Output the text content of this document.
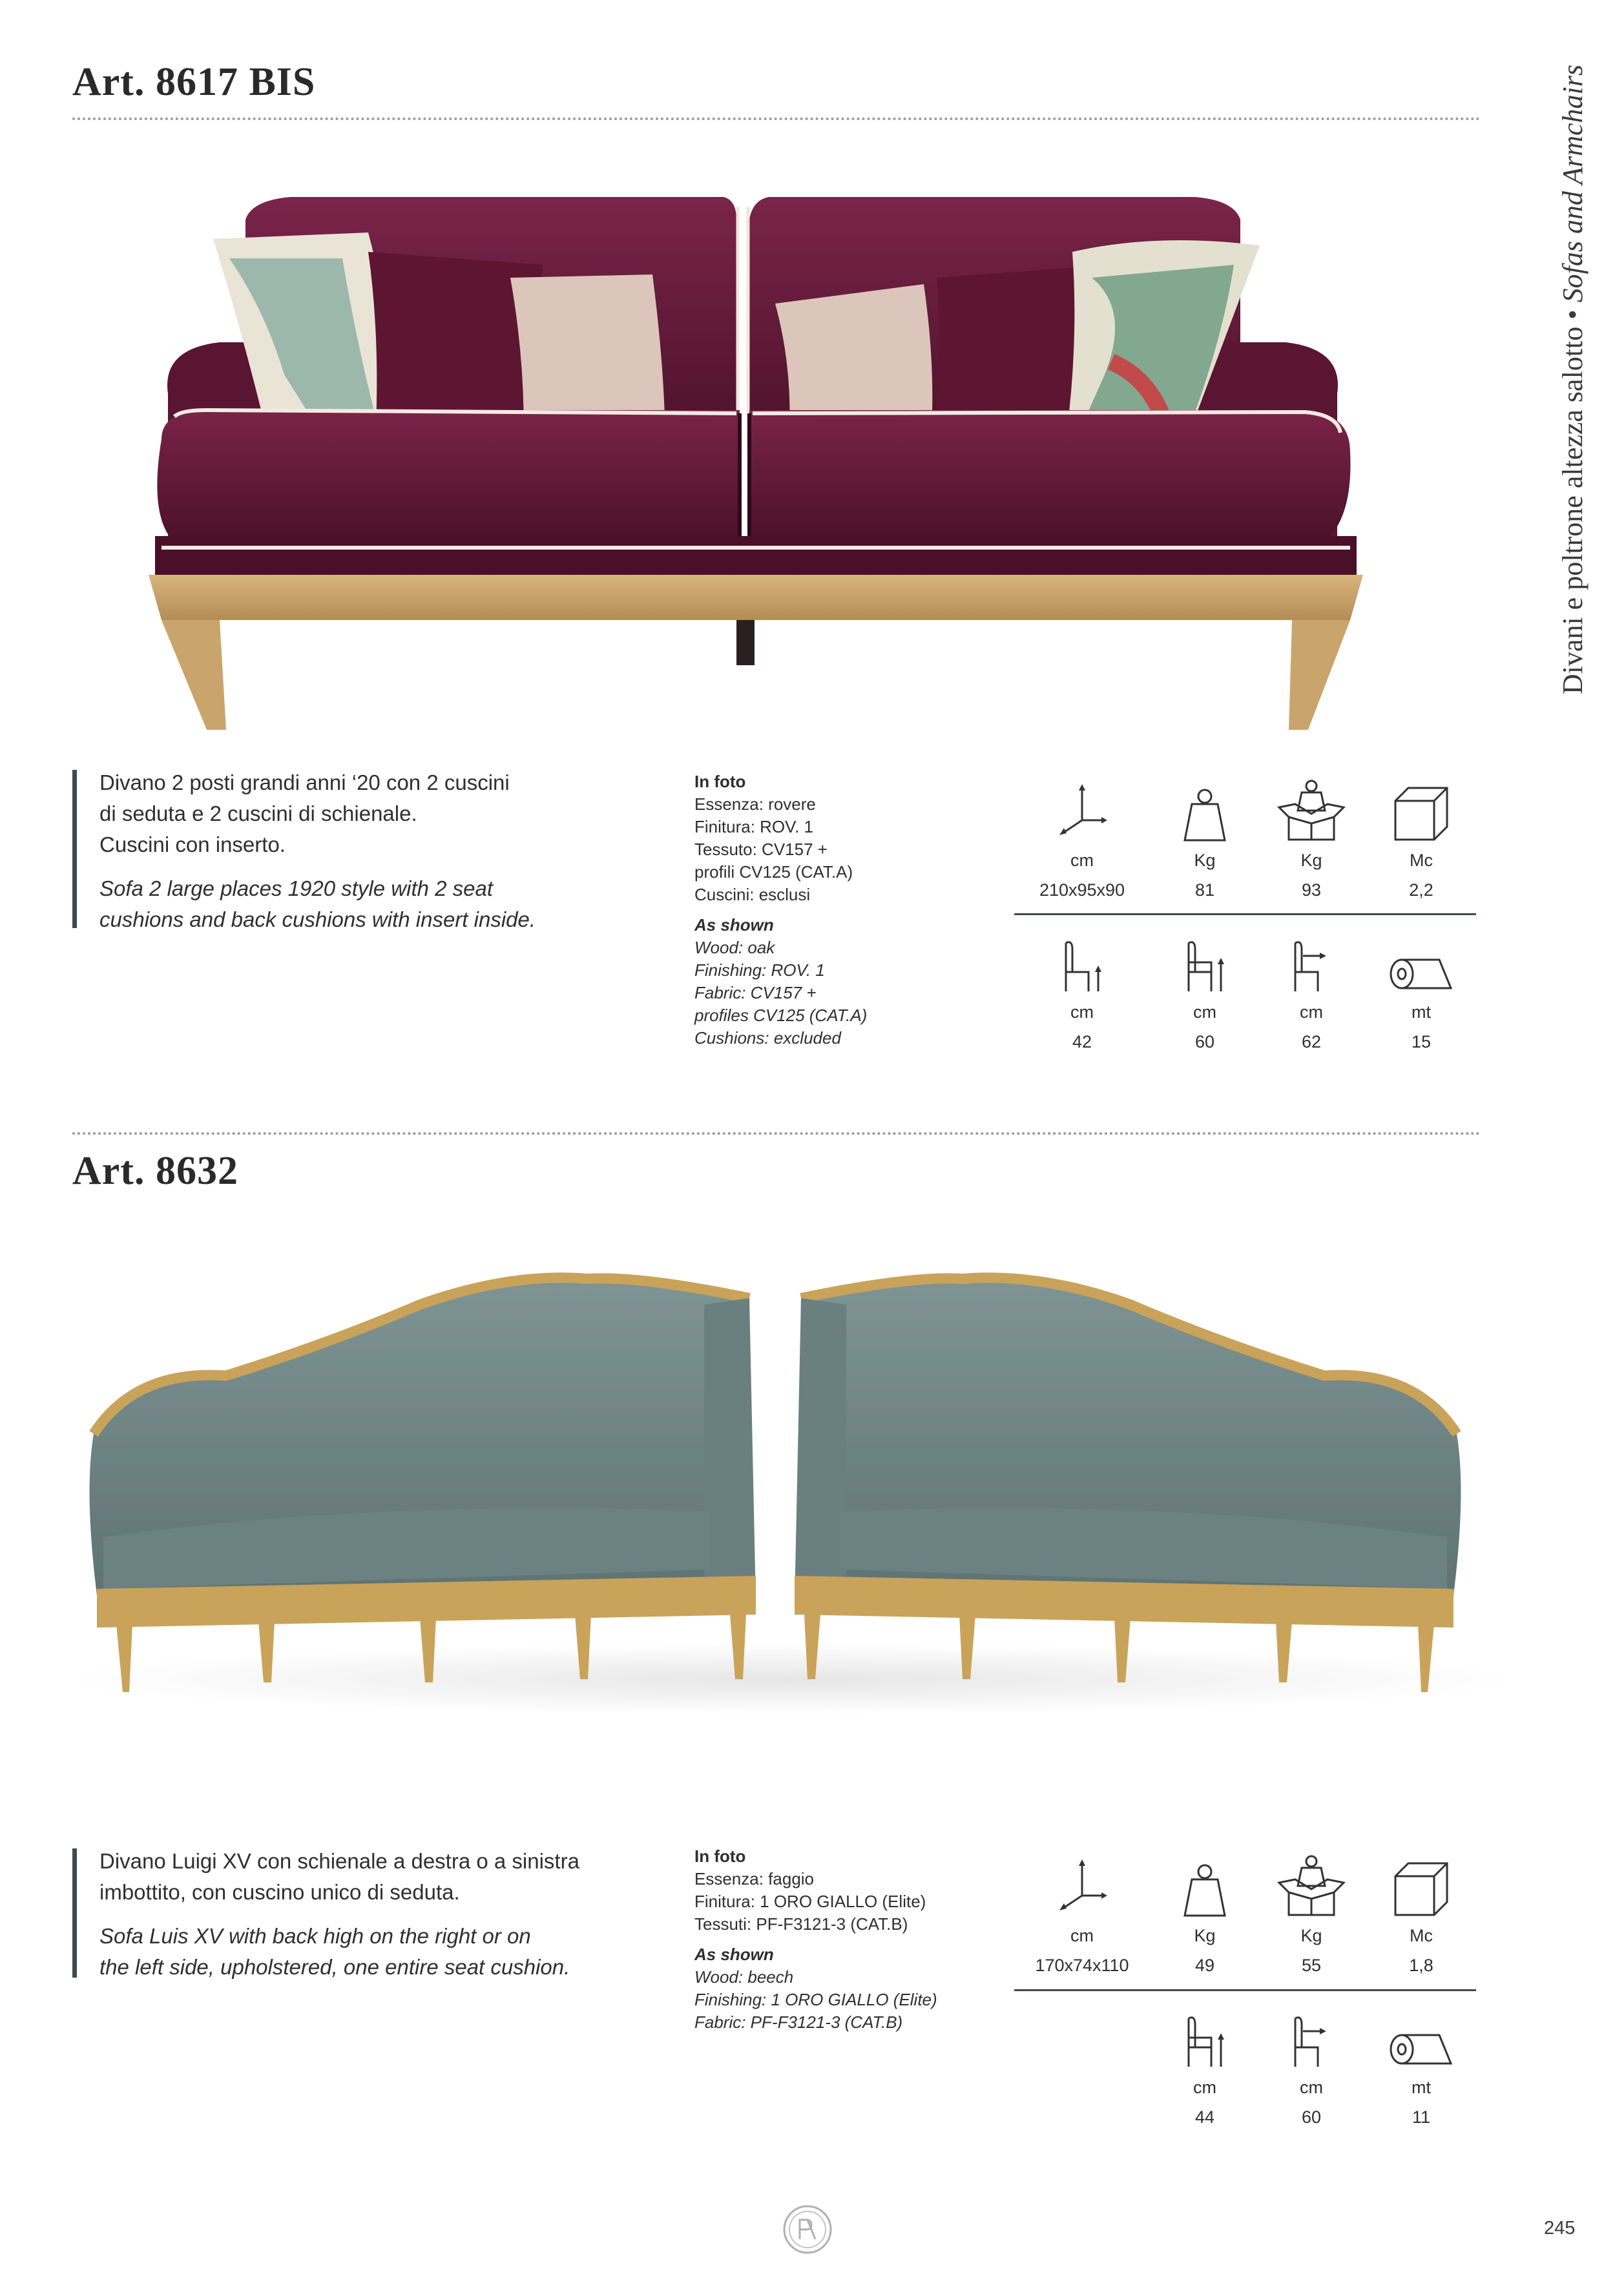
Divani e poltrone altezza salotto • Sofas and Armchairs
Art. 8617 BIS

Divano 2 posti grandi anni ‘20 con 2 cuscini

di seduta e 2 cuscini di schienale.

Cuscini con inserto.

Sofa 2 large places 1920 style with 2 seat

cushions and back cushions with insert inside.

In foto
Essenza: rovere
Finitura: ROV. 1
Tessuto: CV157 +
profili CV125 (CAT.A)
Cuscini: esclusi
As shown
Wood: oak
Finishing: ROV. 1
Fabric: CV157 +
profiles CV125 (CAT.A)
Cushions: excluded
cm
210x95x90
Kg
81
Kg
93
Mc
2,2
cm
42
cm
60
cm
62
mt
15
Art. 8632

Divano Luigi XV con schienale a destra o a sinistra

imbottito, con cuscino unico di seduta.

Sofa Luis XV with back high on the right or on

the left side, upholstered, one entire seat cushion.

In foto
Essenza: faggio
Finitura: 1 ORO GIALLO (Elite)
Tessuti: PF-F3121-3 (CAT.B)
As shown
Wood: beech
Finishing: 1 ORO GIALLO (Elite)
Fabric: PF-F3121-3 (CAT.B)
cm
170x74x110
Kg
49
Kg
55
Mc
1,8
cm
44
cm
60
mt
11
245
